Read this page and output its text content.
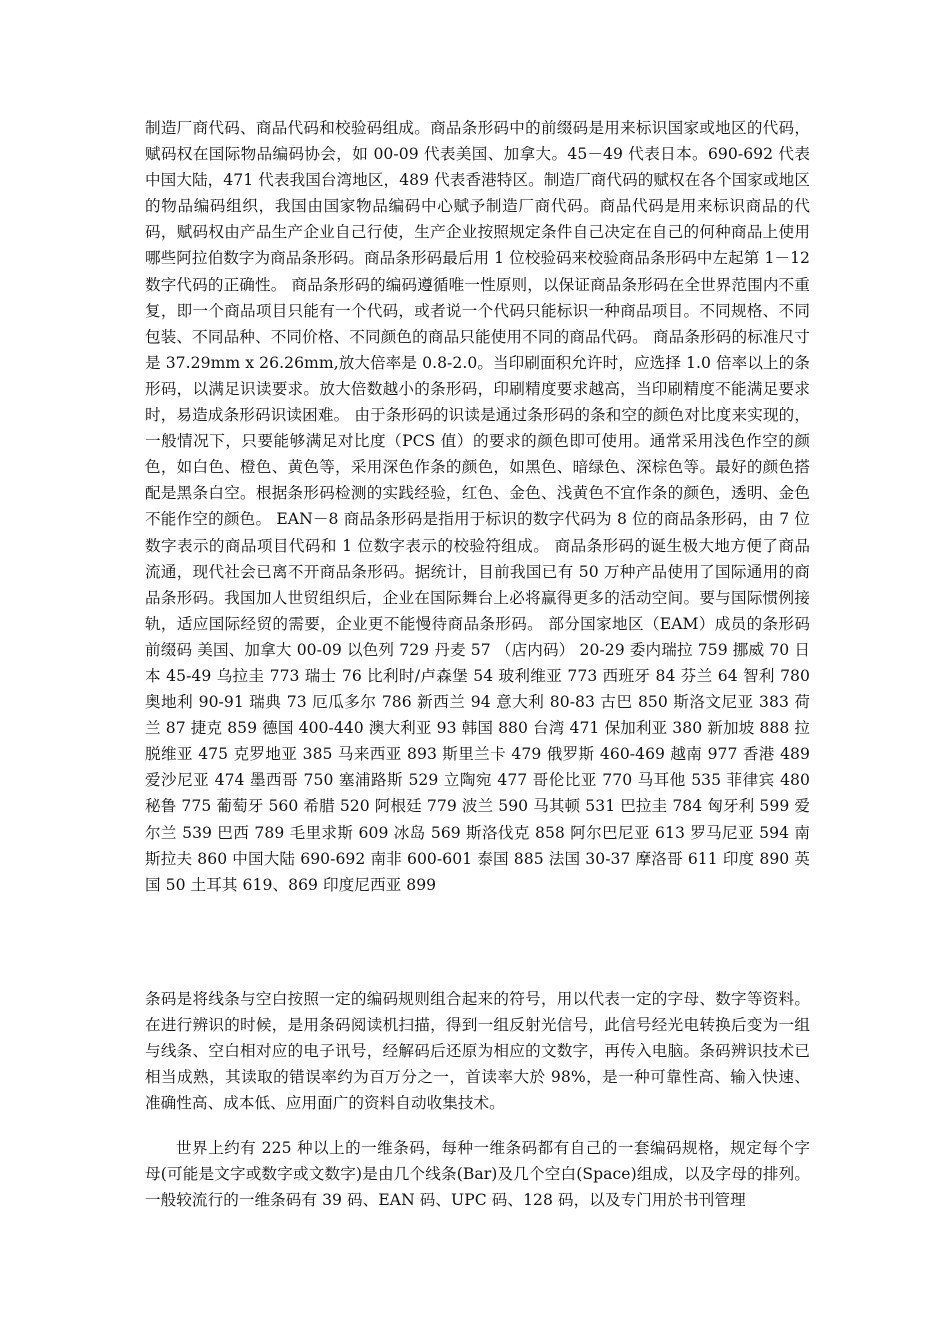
制造厂商代码、商品代码和校验码组成。商品条形码中的前缀码是用来标识国家或地区的代码，赋码权在国际物品编码协会，如 00-09 代表美国、加拿大。45－49 代表日本。690-692 代表中国大陆，471 代表我国台湾地区，489 代表香港特区。制造厂商代码的赋权在各个国家或地区的物品编码组织，我国由国家物品编码中心赋予制造厂商代码。商品代码是用来标识商品的代码，赋码权由产品生产企业自己行使，生产企业按照规定条件自己决定在自己的何种商品上使用哪些阿拉伯数字为商品条形码。商品条形码最后用 1 位校验码来校验商品条形码中左起第 1－12 数字代码的正确性。 商品条形码的编码遵循唯一性原则，以保证商品条形码在全世界范围内不重复，即一个商品项目只能有一个代码，或者说一个代码只能标识一种商品项目。不同规格、不同包装、不同品种、不同价格、不同颜色的商品只能使用不同的商品代码。 商品条形码的标准尺寸是 37.29mm x 26.26mm,放大倍率是 0.8-2.0。当印刷面积允许时，应选择 1.0 倍率以上的条形码，以满足识读要求。放大倍数越小的条形码，印刷精度要求越高，当印刷精度不能满足要求时，易造成条形码识读困难。 由于条形码的识读是通过条形码的条和空的颜色对比度来实现的，一般情况下，只要能够满足对比度（PCS 值）的要求的颜色即可使用。通常采用浅色作空的颜色，如白色、橙色、黄色等，采用深色作条的颜色，如黑色、暗绿色、深棕色等。最好的颜色搭配是黑条白空。根据条形码检测的实践经验，红色、金色、浅黄色不宜作条的颜色，透明、金色不能作空的颜色。 EAN－8 商品条形码是指用于标识的数字代码为 8 位的商品条形码，由 7 位数字表示的商品项目代码和 1 位数字表示的校验符组成。 商品条形码的诞生极大地方便了商品流通，现代社会已离不开商品条形码。据统计，目前我国已有 50 万种产品使用了国际通用的商品条形码。我国加人世贸组织后，企业在国际舞台上必将赢得更多的活动空间。要与国际惯例接轨，适应国际经贸的需要，企业更不能慢待商品条形码。 部分国家地区（EAM）成员的条形码前缀码 美国、加拿大 00-09 以色列 729 丹麦 57 （店内码） 20-29 委内瑞拉 759 挪威 70 日本 45-49 乌拉圭 773 瑞士 76 比利时/卢森堡 54 玻利维亚 773 西班牙 84 芬兰 64 智利 780 奥地利 90-91 瑞典 73 厄瓜多尔 786 新西兰 94 意大利 80-83 古巴 850 斯洛文尼亚 383 荷兰 87 捷克 859 德国 400-440 澳大利亚 93 韩国 880 台湾 471 保加利亚 380 新加坡 888 拉脱维亚 475 克罗地亚 385 马来西亚 893 斯里兰卡 479 俄罗斯 460-469 越南 977 香港 489 爱沙尼亚 474 墨西哥 750 塞浦路斯 529 立陶宛 477 哥伦比亚 770 马耳他 535 菲律宾 480 秘鲁 775 葡萄牙 560 希腊 520 阿根廷 779 波兰 590 马其顿 531 巴拉圭 784 匈牙利 599 爱尔兰 539 巴西 789 毛里求斯 609 冰岛 569 斯洛伐克 858 阿尔巴尼亚 613 罗马尼亚 594 南斯拉夫 860 中国大陆 690-692 南非 600-601 泰国 885 法国 30-37 摩洛哥 611 印度 890 英国 50 土耳其 619、869 印度尼西亚 899

条码是将线条与空白按照一定的编码规则组合起来的符号，用以代表一定的字母、数字等资料。在进行辨识的时候，是用条码阅读机扫描，得到一组反射光信号，此信号经光电转换后变为一组与线条、空白相对应的电子讯号，经解码后还原为相应的文数字，再传入电脑。条码辨识技术已相当成熟，其读取的错误率约为百万分之一，首读率大於 98%，是一种可靠性高、输入快速、准确性高、成本低、应用面广的资料自动收集技术。

世界上约有 225 种以上的一维条码，每种一维条码都有自己的一套编码规格，规定每个字母(可能是文字或数字或文数字)是由几个线条(Bar)及几个空白(Space)组成，以及字母的排列。一般较流行的一维条码有 39 码、EAN 码、UPC 码、128 码，以及专门用於书刊管理
